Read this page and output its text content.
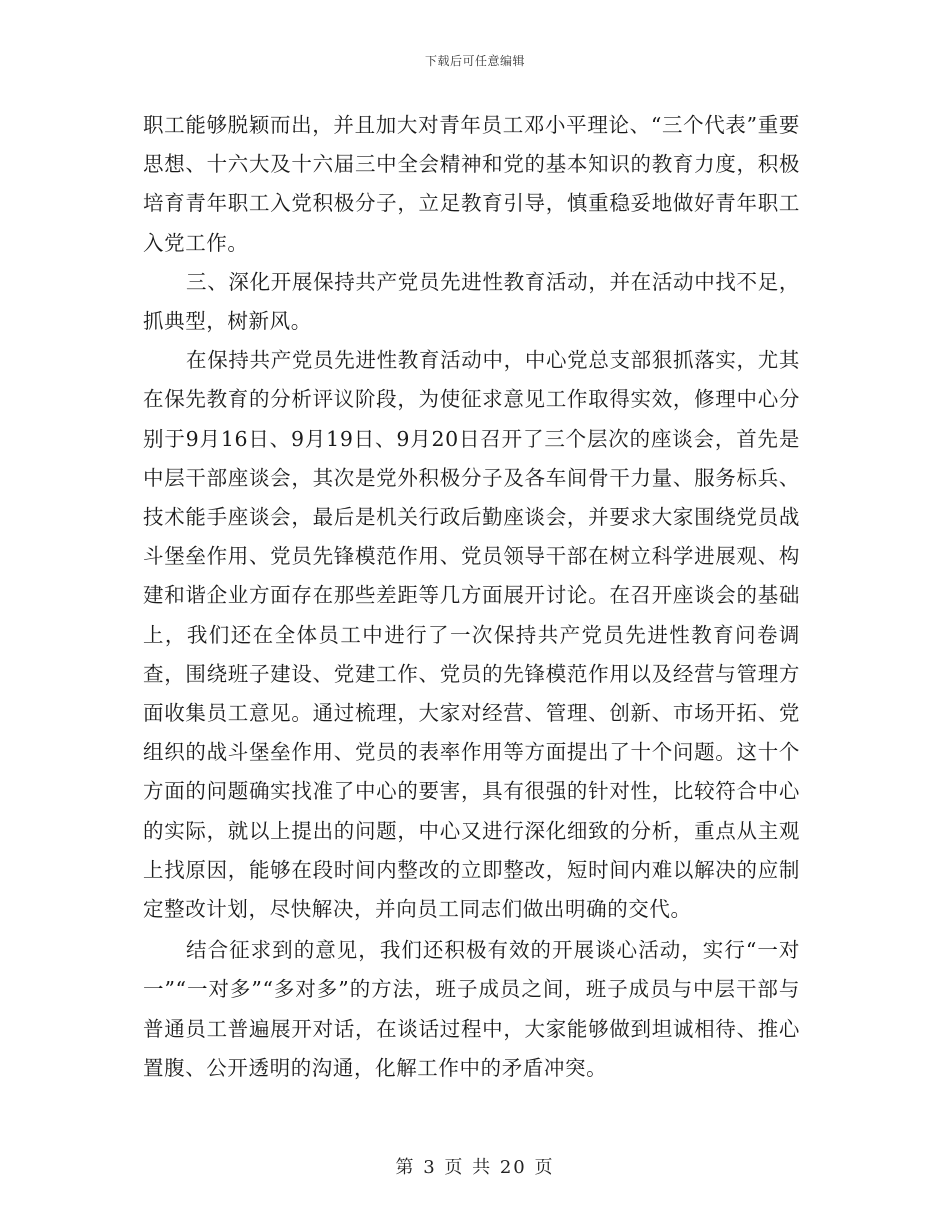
下载后可任意编辑

职工能够脱颖而出，并且加大对青年员工邓小平理论、“三个代表”重要思想、十六大及十六届三中全会精神和党的基本知识的教育力度，积极培育青年职工入党积极分子，立足教育引导，慎重稳妥地做好青年职工入党工作。

三、深化开展保持共产党员先进性教育活动，并在活动中找不足，抓典型，树新风。

在保持共产党员先进性教育活动中，中心党总支部狠抓落实，尤其在保先教育的分析评议阶段，为使征求意见工作取得实效，修理中心分别于9月16日、9月19日、9月20日召开了三个层次的座谈会，首先是中层干部座谈会，其次是党外积极分子及各车间骨干力量、服务标兵、技术能手座谈会，最后是机关行政后勤座谈会，并要求大家围绕党员战斗堡垒作用、党员先锋模范作用、党员领导干部在树立科学进展观、构建和谐企业方面存在那些差距等几方面展开讨论。在召开座谈会的基础上，我们还在全体员工中进行了一次保持共产党员先进性教育问卷调查，围绕班子建设、党建工作、党员的先锋模范作用以及经营与管理方面收集员工意见。通过梳理，大家对经营、管理、创新、市场开拓、党组织的战斗堡垒作用、党员的表率作用等方面提出了十个问题。这十个方面的问题确实找准了中心的要害，具有很强的针对性，比较符合中心的实际，就以上提出的问题，中心又进行深化细致的分析，重点从主观上找原因，能够在段时间内整改的立即整改，短时间内难以解决的应制定整改计划，尽快解决，并向员工同志们做出明确的交代。

结合征求到的意见，我们还积极有效的开展谈心活动，实行“一对一”“一对多”“多对多”的方法，班子成员之间，班子成员与中层干部与普通员工普遍展开对话，在谈话过程中，大家能够做到坦诚相待、推心置腹、公开透明的沟通，化解工作中的矛盾冲突。

第 3 页 共 20 页
